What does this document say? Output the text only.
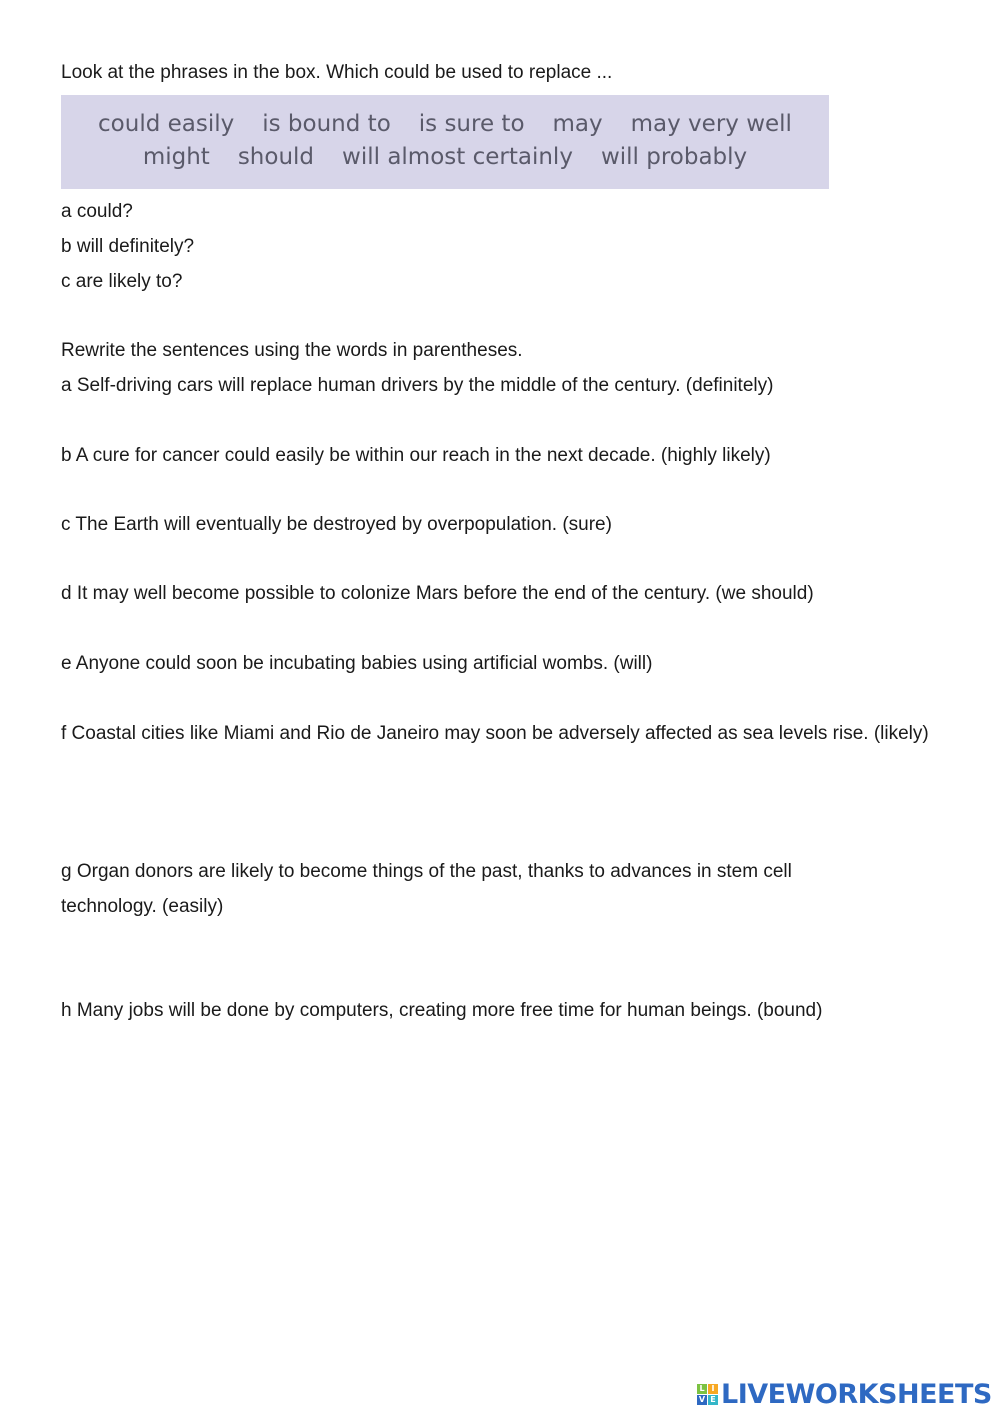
Look at the phrases in the box. Which could be used to replace ...

could easily is bound to is sure to may may very well
might should will almost certainly will probably

a could?

b will definitely?

c are likely to?

Rewrite the sentences using the words in parentheses.

a Self-driving cars will replace human drivers by the middle of the century. (definitely)

b A cure for cancer could easily be within our reach in the next decade. (highly likely)

c The Earth will eventually be destroyed by overpopulation. (sure)

d It may well become possible to colonize Mars before the end of the century. (we should)

e Anyone could soon be incubating babies using artificial wombs. (will)

f Coastal cities like Miami and Rio de Janeiro may soon be adversely affected as sea levels rise. (likely)

g Organ donors are likely to become things of the past, thanks to advances in stem cell technology. (easily)

h Many jobs will be done by computers, creating more free time for human beings. (bound)

L I
V E LIVEWORKSHEETS
